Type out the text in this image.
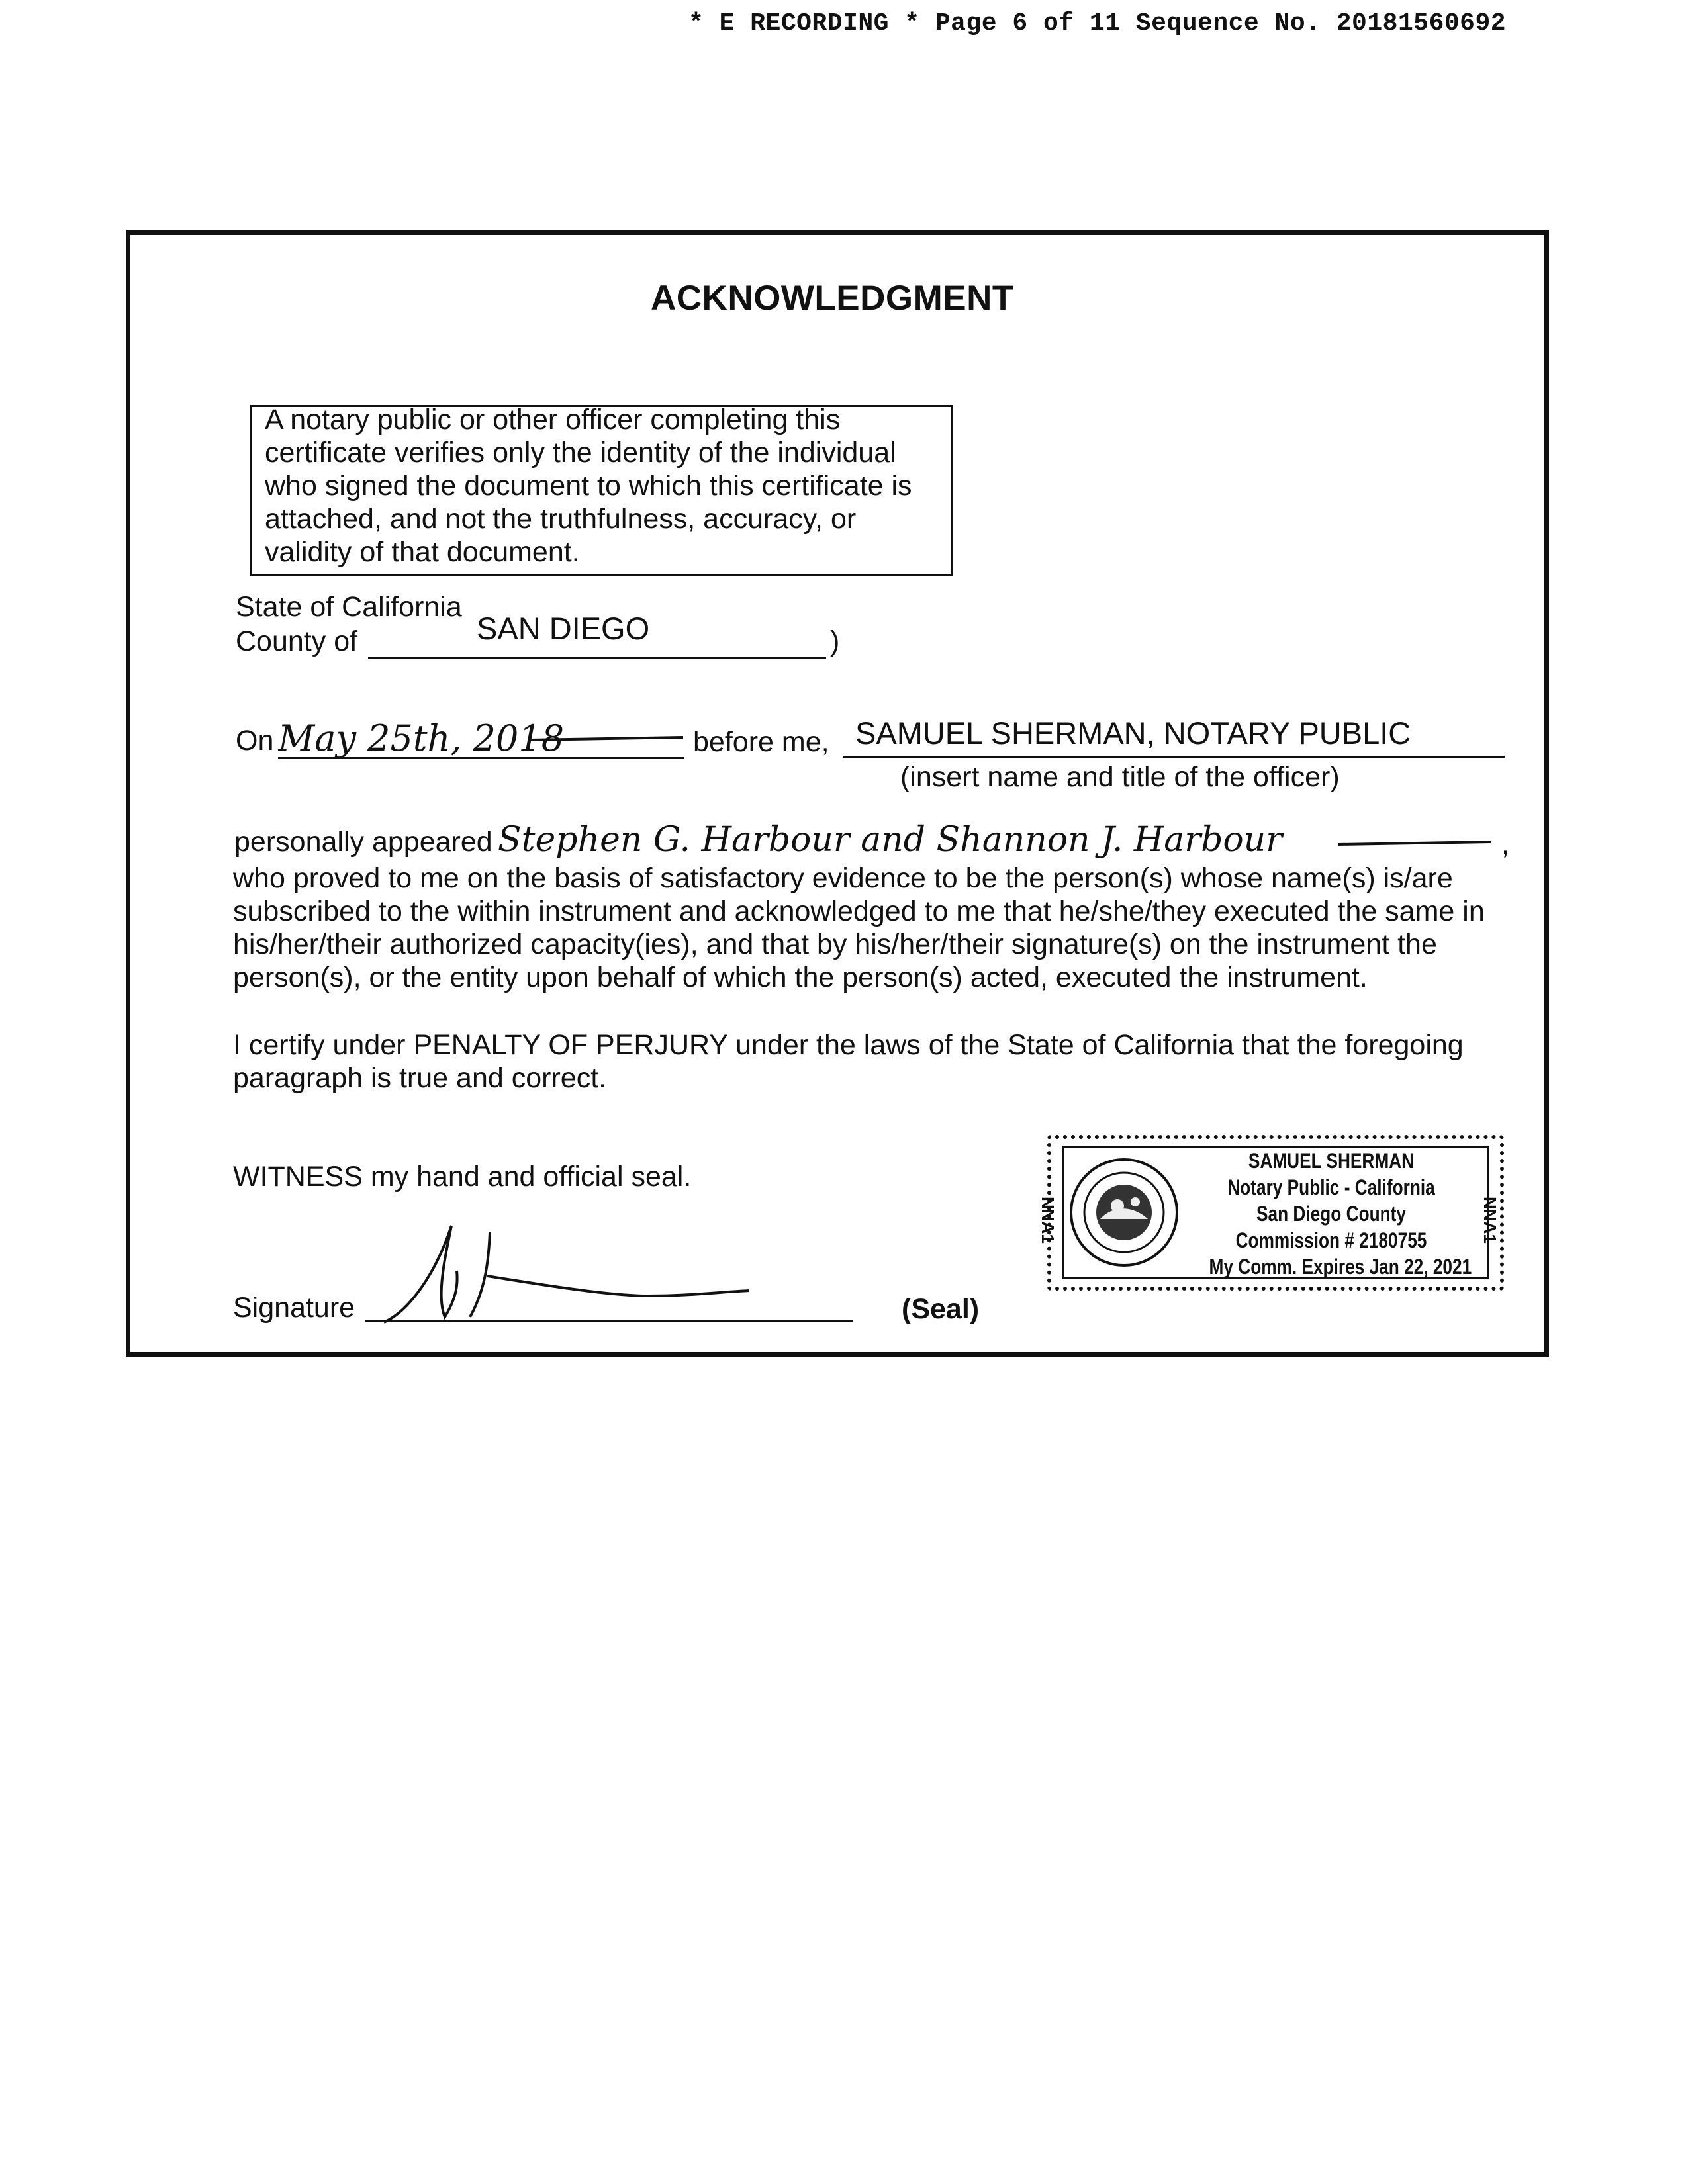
* E RECORDING * Page 6 of 11 Sequence No. 20181560692
ACKNOWLEDGMENT
A notary public or other officer completing this
certificate verifies only the identity of the individual
who signed the document to which this certificate is
attached, and not the truthfulness, accuracy, or
validity of that document.
State of California
County of	SAN DIEGO	)
On May 25th, 2018	before me, SAMUEL SHERMAN, NOTARY PUBLIC
(insert name and title of the officer)
personally appeared Stephen G. Harbour and Shannon J. Harbour	,
who proved to me on the basis of satisfactory evidence to be the person(s) whose name(s) is/are
subscribed to the within instrument and acknowledged to me that he/she/they executed the same in
his/her/their authorized capacity(ies), and that by his/her/their signature(s) on the instrument the
person(s), or the entity upon behalf of which the person(s) acted, executed the instrument.
I certify under PENALTY OF PERJURY under the laws of the State of California that the foregoing
paragraph is true and correct.
WITNESS my hand and official seal.
Signature	(Seal)
NNA1	NNA1
SAMUEL SHERMAN
Notary Public - California
San Diego County
Commission # 2180755
My Comm. Expires Jan 22, 2021
